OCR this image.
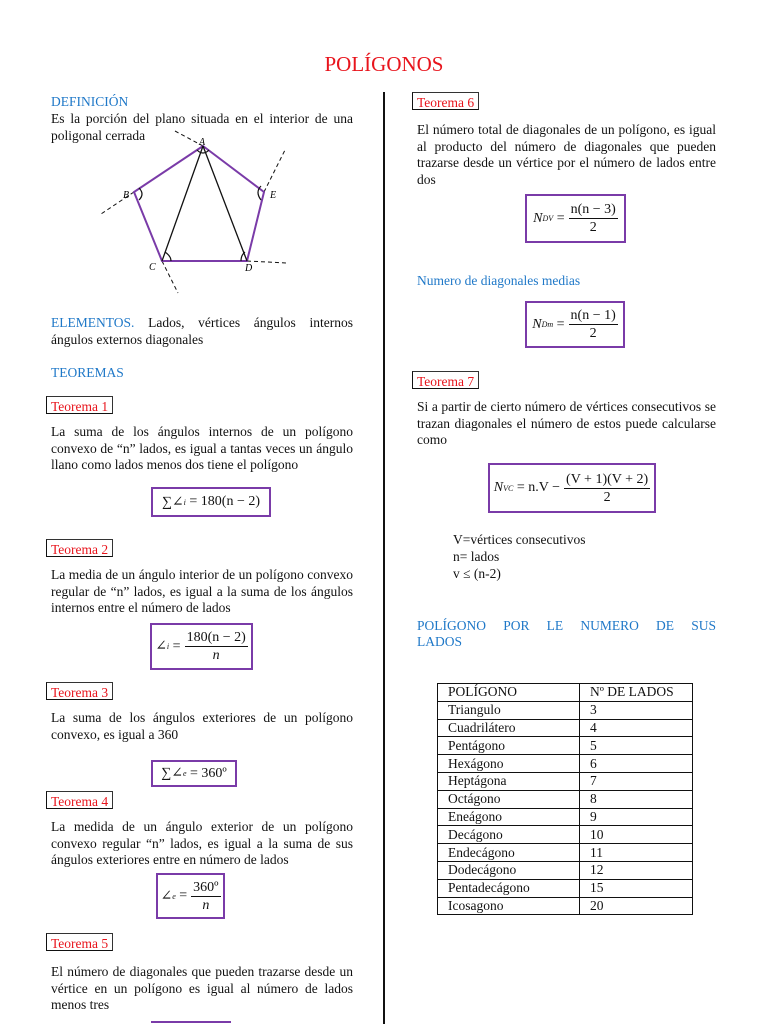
POLÍGONOS
DEFINICIÓN
Es la porción del plano situada en el interior de una poligonal cerrada	A
B
C	D
E
ELEMENTOS. Lados, vértices ángulos internos ángulos externos diagonales
TEOREMAS
Teorema 1
La suma de los ángulos internos de un polígono convexo de “n” lados, es igual a tantas veces un ángulo llano como lados menos dos tiene el polígono
∑∠ i
= 180(n − 2)
Teorema 2
La media de un ángulo interior de un polígono convexo regular de “n” lados, es igual a la suma de los ángulos internos entre el número de lados
∠ i
= $\frac{180(n - 2)}{n}$
Teorema 3
La suma de los ángulos exteriores de un polígono convexo, es igual a 360
∑∠ e
= 360º
Teorema 4
La medida de un ángulo exterior de un polígono convexo regular “n” lados, es igual a la suma de sus ángulos exteriores entre en número de lados
∠ e
= $\frac{\text{360º}}{n}$
Teorema 5
El número de diagonales que pueden trazarse desde un vértice en un polígono es igual al número de lados menos tres
Teorema 6
El número total de diagonales de un polígono, es igual al producto del número de diagonales que pueden trazarse desde un vértice por el número de lados entre dos
N DV
= $\frac{n(n - 3)}{2}$
Numero de diagonales medias
N Dm
= $\frac{n(n - 1)}{2}$
Teorema 7
Si a partir de cierto número de vértices consecutivos se trazan diagonales el número de estos puede calcularse como
N VC
= $n.V - \frac{(V + 1)(V + 2)}{2}$
V=vértices consecutivos
n= lados
v ≤ (n-2)
POLÍGONO POR LE NUMERO DE SUS
LADOS
POLÍGONO	Nº DE LADOS
Triangulo	3
Cuadrilátero	4
Pentágono	5
Hexágono	6
Heptágona	7
Octágono	8
Eneágono	9
Decágono	10
Endecágono	11
Dodecágono	12
Pentadecágono	15
Icosagono	20
